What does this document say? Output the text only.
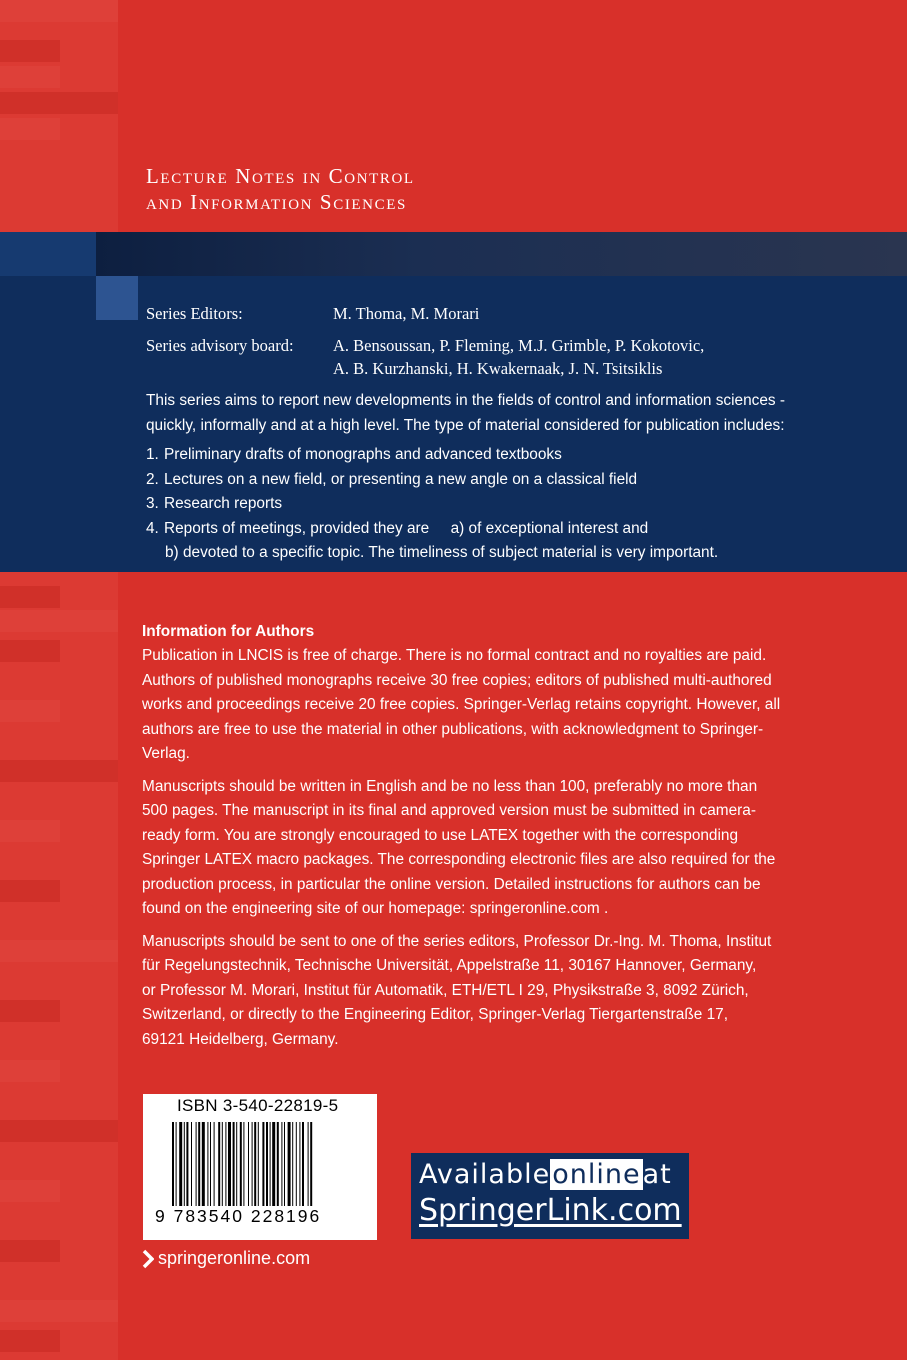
Lecture Notes in Control
and Information Sciences
Series Editors:	M. Thoma, M. Morari
Series advisory board:	A. Bensoussan, P. Fleming, M.J. Grimble, P. Kokotovic,
A. B. Kurzhanski, H. Kwakernaak, J. N. Tsitsiklis
This series aims to report new developments in the fields of control and information sciences -
quickly, informally and at a high level. The type of material considered for publication includes:
1. Preliminary drafts of monographs and advanced textbooks
2. Lectures on a new field, or presenting a new angle on a classical field
3. Research reports
4. Reports of meetings, provided they are     a) of exceptional interest and
b) devoted to a specific topic. The timeliness of subject material is very important.
Information for Authors

Publication in LNCIS is free of charge. There is no formal contract and no royalties are paid.
Authors of published monographs receive 30 free copies; editors of published multi-authored
works and proceedings receive 20 free copies. Springer-Verlag retains copyright. However, all
authors are free to use the material in other publications, with acknowledgment to Springer-
Verlag.

Manuscripts should be written in English and be no less than 100, preferably no more than
500 pages. The manuscript in its final and approved version must be submitted in camera-
ready form. You are strongly encouraged to use LATEX together with the corresponding
Springer LATEX macro packages. The corresponding electronic files are also required for the
production process, in particular the online version. Detailed instructions for authors can be
found on the engineering site of our homepage: springeronline.com .

Manuscripts should be sent to one of the series editors, Professor Dr.-Ing. M. Thoma, Institut
für Regelungstechnik, Technische Universität, Appelstraße 11, 30167 Hannover, Germany,
or Professor M. Morari, Institut für Automatik, ETH/ETL I 29, Physikstraße 3, 8092 Zürich,
Switzerland, or directly to the Engineering Editor, Springer-Verlag Tiergartenstraße 17,
69121 Heidelberg, Germany.

ISBN 3-540-22819-5
9 783540 228196
springeronline.com
Availableonlineat
SpringerLink.com
